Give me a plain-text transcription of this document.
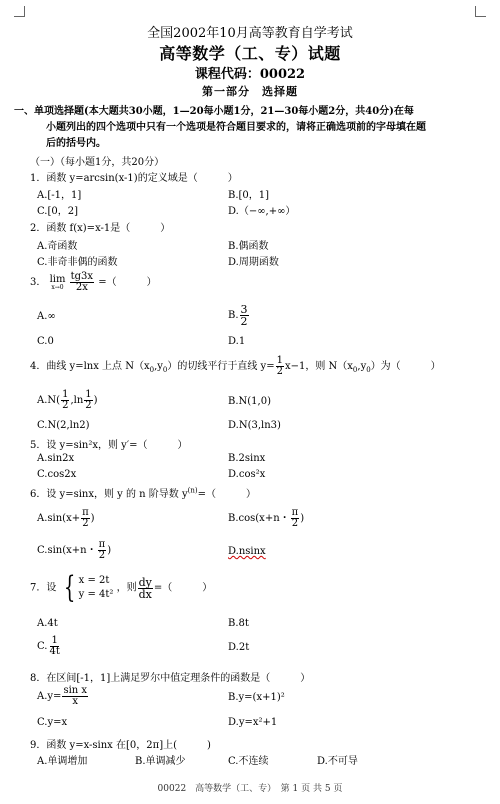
全国2002年10月高等教育自学考试
高等数学（工、专）试题
课程代码：00022
第一部分　选择题
一、单项选择题(本大题共30小题，1—20每小题1分，21—30每小题2分，共40分)在每
小题列出的四个选项中只有一个选项是符合题目要求的，请将正确选项前的字母填在题
后的括号内。
（一）（每小题1分，共20分）
1．函数 y=arcsin(x-1)的定义域是（　　　）
A.[-1，1]	B.[0，1]
C.[0，2]	D.（−∞,+∞）
2．函数 f(x)=x-1是（　　　）
A.奇函数	B.偶函数
C.非奇非偶的函数	D.周期函数
3． lim
x→0
$\frac{tg3x}{2x}$ =（　　　）
A.∞	B. $\frac{3}{2}$
C.0	D.1
4．曲线 y=lnx 上点 $N(x_0,y_0)$的切线平行于直线 $y= \frac{1}{2} x-1$，则 $N(x_0,y_0)$为（　　　）
$A.N( \frac{1}{2} ,\ln \frac{1}{2}$ )	B.N(1,0)
C.N(2,ln2)	D.N(3,ln3)
5．设 y=sin²x，则 y′=（　　　）
A.sin2x	B.2sinx
C.cos2x	D.cos²x
6．设 y=sinx，则 y 的 n 阶导数 $y^{(n)}=$（　　　）
$A.\sin(x+ \frac{\pi}{2}$ )	B.cos(x+n・ $\frac{\pi}{2}$ )
C.sin(x+n・ $\frac{\pi}{2}$ )	D.nsinx
7．设 { x = 2t
y = 4t²
，则 $\frac{dy}{dx}$ =（　　　）
A.4t	B.8t
C. $\frac{1}{4t}$	D.2t
8．在区间[-1，1]上满足罗尔中值定理条件的函数是（　　　）
$A.y= \frac{\text{sin x}}{x}$	B.y=(x+1)²
C.y=x	D.y=x²+1
9．函数 y=x-sinx 在[0，2π]上(　　　)
A.单调增加	B.单调减少	C.不连续	D.不可导
00022　高等数学（工、专）　第 1 页 共 5 页
